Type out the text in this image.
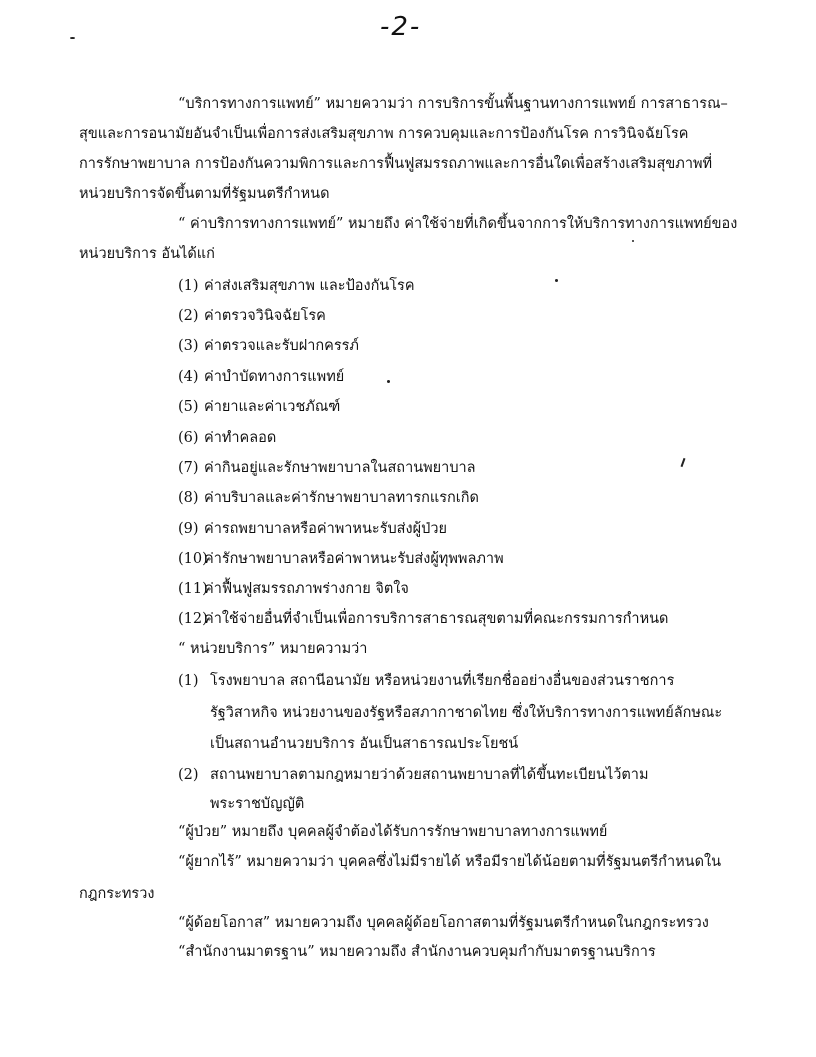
-2-
“บริการทางการแพทย์” หมายความว่า การบริการขั้นพื้นฐานทางการแพทย์ การสาธารณ–
สุขและการอนามัยอันจำเป็นเพื่อการส่งเสริมสุขภาพ การควบคุมและการป้องกันโรค การวินิจฉัยโรค
การรักษาพยาบาล การป้องกันความพิการและการฟื้นฟูสมรรถภาพและการอื่นใดเพื่อสร้างเสริมสุขภาพที่
หน่วยบริการจัดขึ้นตามที่รัฐมนตรีกำหนด
“ ค่าบริการทางการแพทย์” หมายถึง ค่าใช้จ่ายที่เกิดขึ้นจากการให้บริการทางการแพทย์ของ
หน่วยบริการ อันได้แก่
(1) ค่าส่งเสริมสุขภาพ และป้องกันโรค
(2) ค่าตรวจวินิจฉัยโรค
(3) ค่าตรวจและรับฝากครรภ์
(4) ค่าบำบัดทางการแพทย์
(5) ค่ายาและค่าเวชภัณฑ์
(6) ค่าทำคลอด
(7) ค่ากินอยู่และรักษาพยาบาลในสถานพยาบาล
(8) ค่าบริบาลและค่ารักษาพยาบาลทารกแรกเกิด
(9) ค่ารถพยาบาลหรือค่าพาหนะรับส่งผู้ป่วย
(10)ค่ารักษาพยาบาลหรือค่าพาหนะรับส่งผู้ทุพพลภาพ
(11)ค่าฟื้นฟูสมรรถภาพร่างกาย จิตใจ
(12)ค่าใช้จ่ายอื่นที่จำเป็นเพื่อการบริการสาธารณสุขตามที่คณะกรรมการกำหนด
“ หน่วยบริการ” หมายความว่า
(1) โรงพยาบาล สถานีอนามัย หรือหน่วยงานที่เรียกชื่ออย่างอื่นของส่วนราชการ
รัฐวิสาหกิจ หน่วยงานของรัฐหรือสภากาชาดไทย ซึ่งให้บริการทางการแพทย์ลักษณะ
เป็นสถานอำนวยบริการ อันเป็นสาธารณประโยชน์
(2) สถานพยาบาลตามกฎหมายว่าด้วยสถานพยาบาลที่ได้ขึ้นทะเบียนไว้ตาม
พระราชบัญญัติ
“ผู้ป่วย” หมายถึง บุคคลผู้จำต้องได้รับการรักษาพยาบาลทางการแพทย์
“ผู้ยากไร้” หมายความว่า บุคคลซึ่งไม่มีรายได้ หรือมีรายได้น้อยตามที่รัฐมนตรีกำหนดใน
กฎกระทรวง
“ผู้ด้อยโอกาส” หมายความถึง บุคคลผู้ด้อยโอกาสตามที่รัฐมนตรีกำหนดในกฎกระทรวง
“สำนักงานมาตรฐาน” หมายความถึง สำนักงานควบคุมกำกับมาตรฐานบริการ
